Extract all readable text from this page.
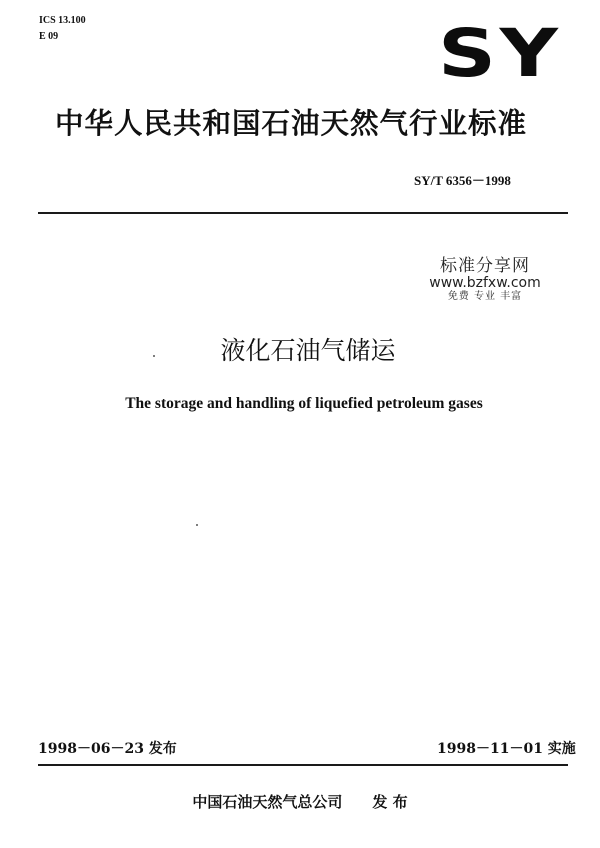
ICS 13.100
E 09	SY
中华人民共和国石油天然气行业标准
SY/T 6356－1998
标准分享网
www.bzfxw.com
免费 专业 丰富
液化石油气储运
The storage and handling of liquefied petroleum gases
1998－06－23 发布	1998－11－01 实施
中国石油天然气总公司 发 布
